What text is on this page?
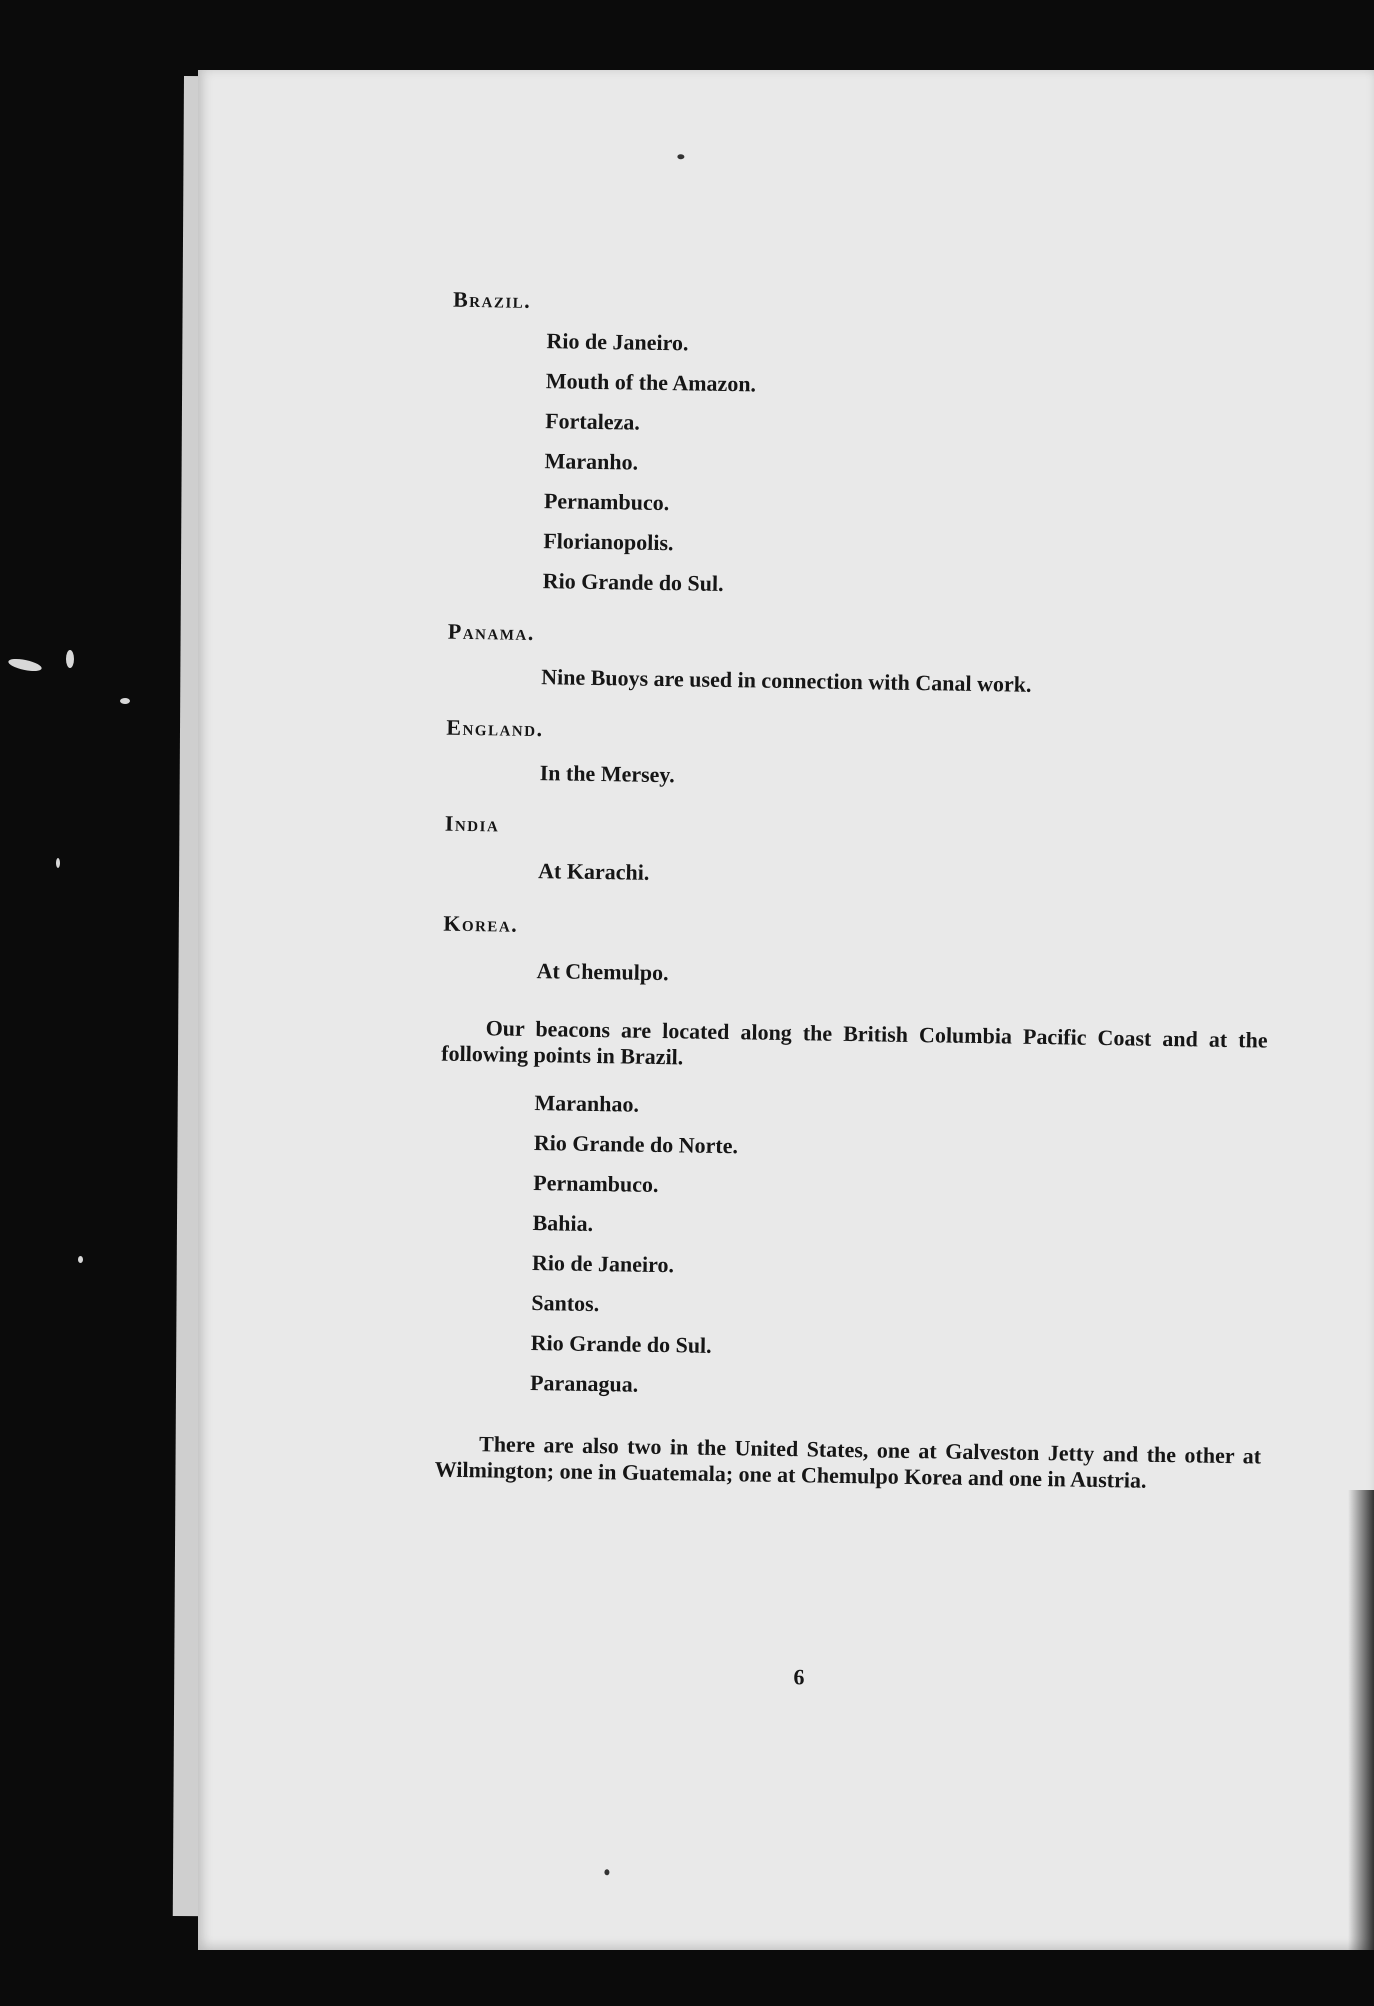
Brazil.
Rio de Janeiro.
Mouth of the Amazon.
Fortaleza.
Maranho.
Pernambuco.
Florianopolis.
Rio Grande do Sul.
Panama.
Nine Buoys are used in connection with Canal work.
England.
In the Mersey.
India
At Karachi.
Korea.
At Chemulpo.
Our beacons are located along the British Columbia Pacific Coast and at the following points in Brazil.
Maranhao.
Rio Grande do Norte.
Pernambuco.
Bahia.
Rio de Janeiro.
Santos.
Rio Grande do Sul.
Paranagua.
There are also two in the United States, one at Galveston Jetty and the other at Wilmington; one in Guatemala; one at Chemulpo Korea and one in Austria.
6
